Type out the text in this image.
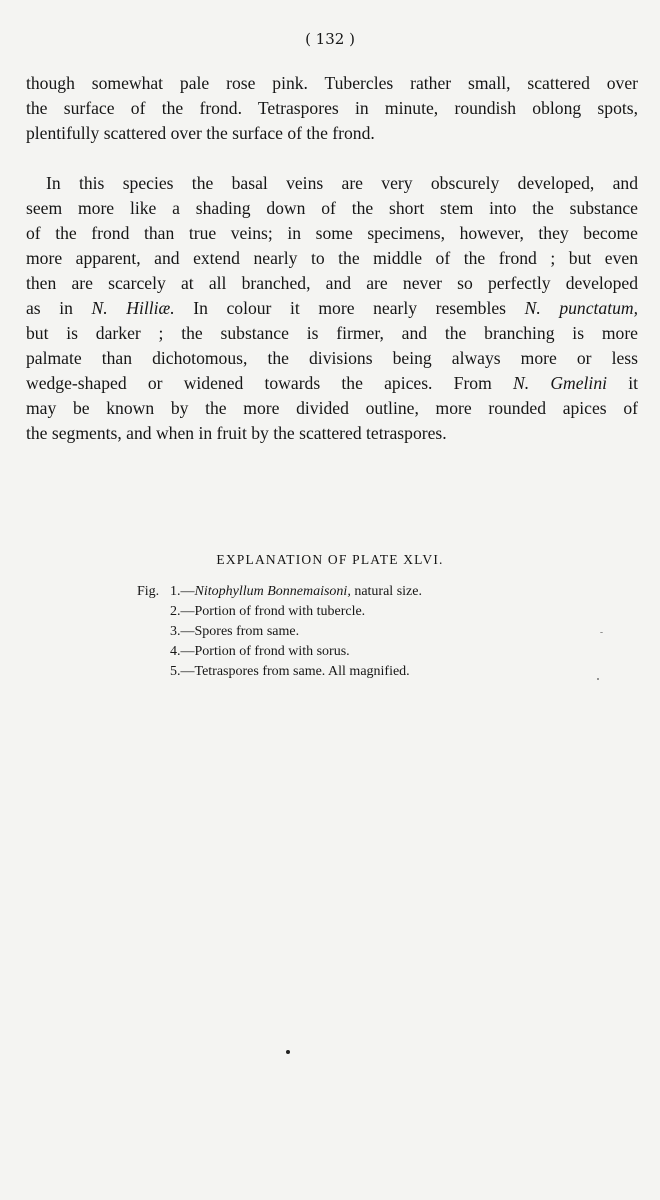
( 132 )
though somewhat pale rose pink. Tubercles rather small, scattered over
the surface of the frond. Tetraspores in minute, roundish oblong spots,
plentifully scattered over the surface of the frond.
In this species the basal veins are very obscurely developed, and
seem more like a shading down of the short stem into the substance
of the frond than true veins; in some specimens, however, they become
more apparent, and extend nearly to the middle of the frond ; but even
then are scarcely at all branched, and are never so perfectly developed
as in N. Hilliæ. In colour it more nearly resembles N. punctatum,
but is darker ; the substance is firmer, and the branching is more
palmate than dichotomous, the divisions being always more or less
wedge-shaped or widened towards the apices. From N. Gmelini it
may be known by the more divided outline, more rounded apices of
the segments, and when in fruit by the scattered tetraspores.
EXPLANATION OF PLATE XLVI.
Fig. 1.—Nitophyllum Bonnemaisoni, natural size.
2.—Portion of frond with tubercle.
3.—Spores from same.
4.—Portion of frond with sorus.
5.—Tetraspores from same. All magnified.
